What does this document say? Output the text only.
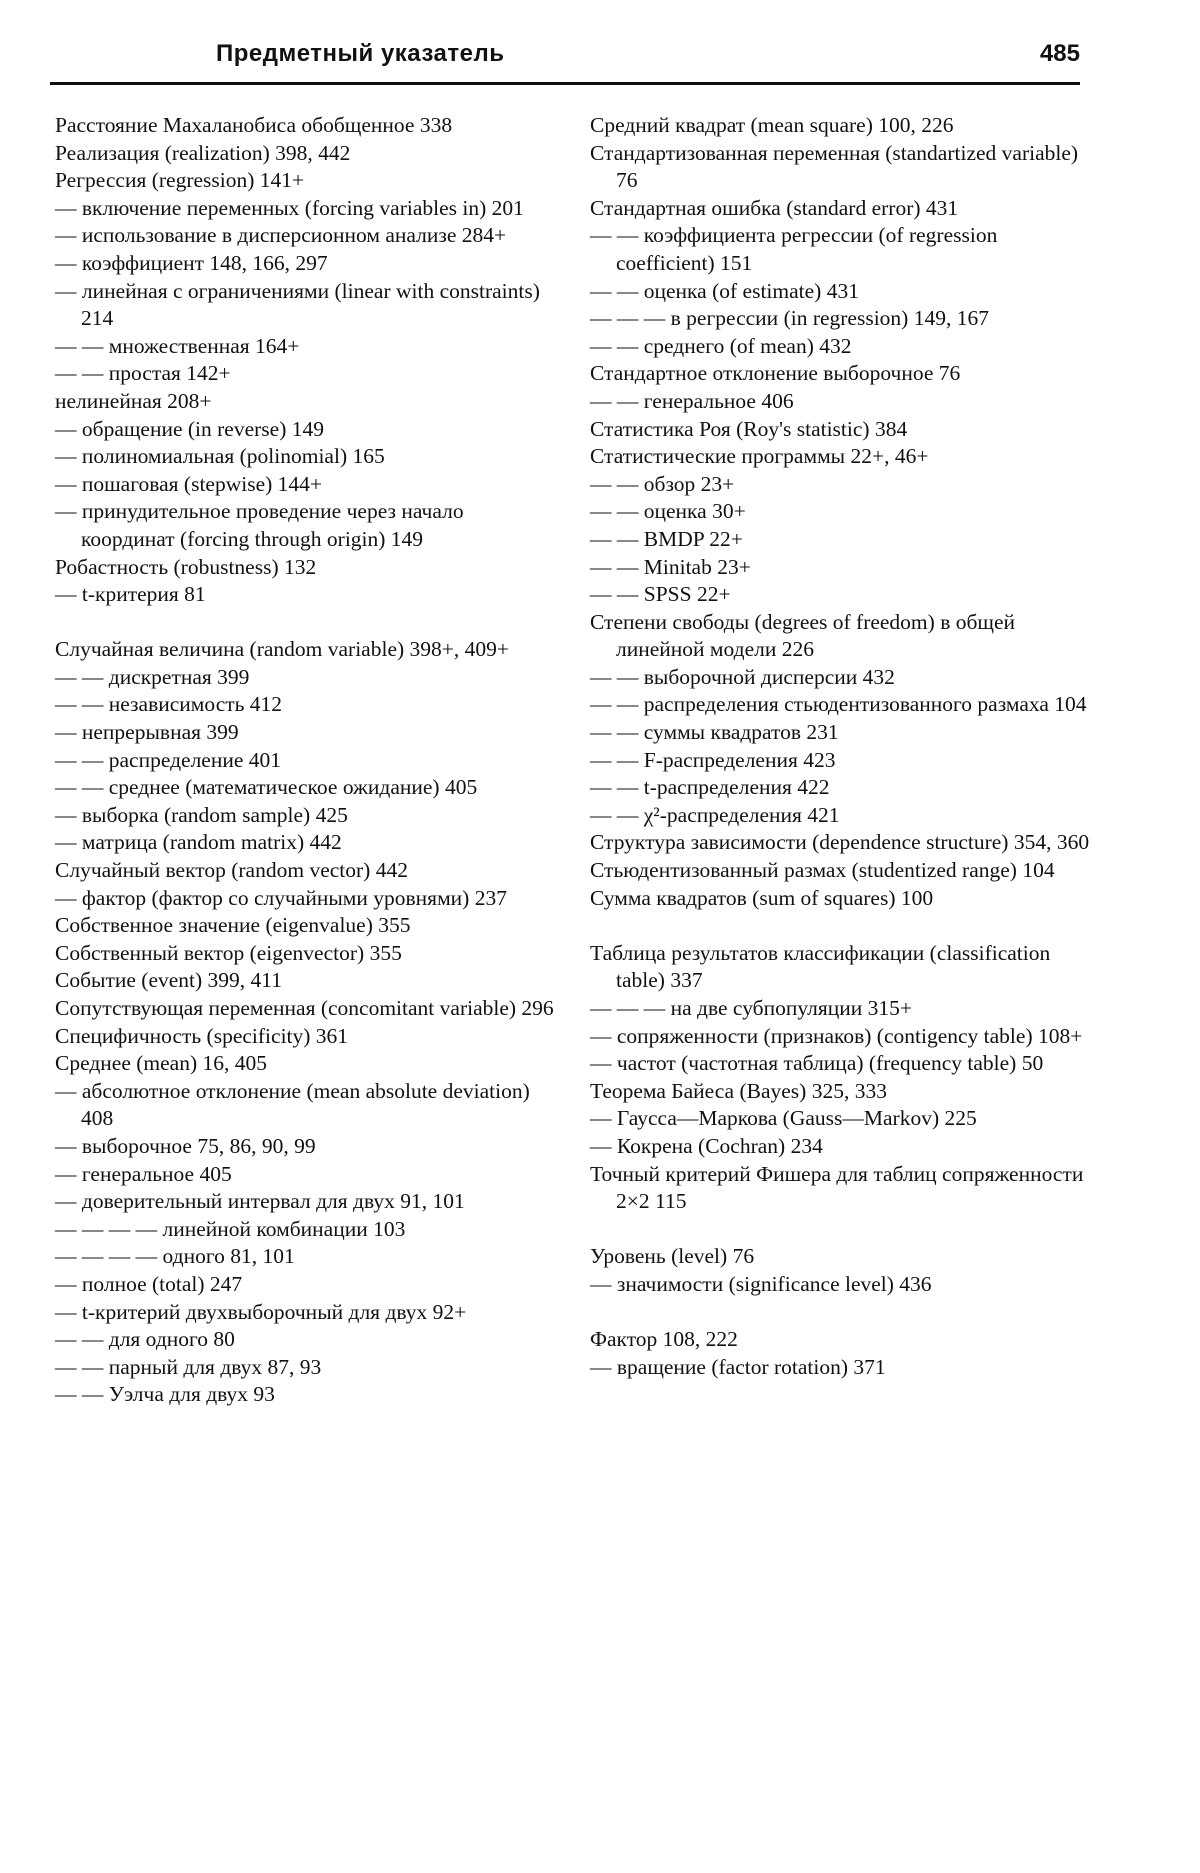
Предметный указатель	485
Расстояние Махаланобиса обобщенное 338
Реализация (realization) 398, 442
Регрессия (regression) 141+
— включение переменных (forcing variables in) 201
— использование в дисперсионном анализе 284+
— коэффициент 148, 166, 297
— линейная с ограничениями (linear with constraints) 214
— — множественная 164+
— — простая 142+
нелинейная 208+
— обращение (in reverse) 149
— полиномиальная (polinomial) 165
— пошаговая (stepwise) 144+
— принудительное проведение через начало координат (forcing through origin) 149
Робастность (robustness) 132
— t-критерия 81
Случайная величина (random variable) 398+, 409+
— — дискретная 399
— — независимость 412
— непрерывная 399
— — распределение 401
— — среднее (математическое ожидание) 405
— выборка (random sample) 425
— матрица (random matrix) 442
Случайный вектор (random vector) 442
— фактор (фактор со случайными уровнями) 237
Собственное значение (eigenvalue) 355
Собственный вектор (eigenvector) 355
Событие (event) 399, 411
Сопутствующая переменная (concomitant variable) 296
Специфичность (specificity) 361
Среднее (mean) 16, 405
— абсолютное отклонение (mean absolute deviation) 408
— выборочное 75, 86, 90, 99
— генеральное 405
— доверительный интервал для двух 91, 101
— — — — линейной комбинации 103
— — — — одного 81, 101
— полное (total) 247
— t-критерий двухвыборочный для двух 92+
— — для одного 80
— — парный для двух 87, 93
— — Уэлча для двух 93
Средний квадрат (mean square) 100, 226
Стандартизованная переменная (standartized variable) 76
Стандартная ошибка (standard error) 431
— — коэффициента регрессии (of regression coefficient) 151
— — оценка (of estimate) 431
— — — в регрессии (in regression) 149, 167
— — среднего (of mean) 432
Стандартное отклонение выборочное 76
— — генеральное 406
Статистика Роя (Roy's statistic) 384
Статистические программы 22+, 46+
— — обзор 23+
— — оценка 30+
— — BMDP 22+
— — Minitab 23+
— — SPSS 22+
Степени свободы (degrees of freedom) в общей линейной модели 226
— — выборочной дисперсии 432
— — распределения стьюдентизованного размаха 104
— — суммы квадратов 231
— — F-распределения 423
— — t-распределения 422
— — χ²-распределения 421
Структура зависимости (dependence structure) 354, 360
Стьюдентизованный размах (studentized range) 104
Сумма квадратов (sum of squares) 100
Таблица результатов классификации (classification table) 337
— — — на две субпопуляции 315+
— сопряженности (признаков) (contigency table) 108+
— частот (частотная таблица) (frequency table) 50
Теорема Байеса (Bayes) 325, 333
— Гаусса—Маркова (Gauss—Markov) 225
— Кокрена (Cochran) 234
Точный критерий Фишера для таблиц сопряженности 2×2 115
Уровень (level) 76
— значимости (significance level) 436
Фактор 108, 222
— вращение (factor rotation) 371
